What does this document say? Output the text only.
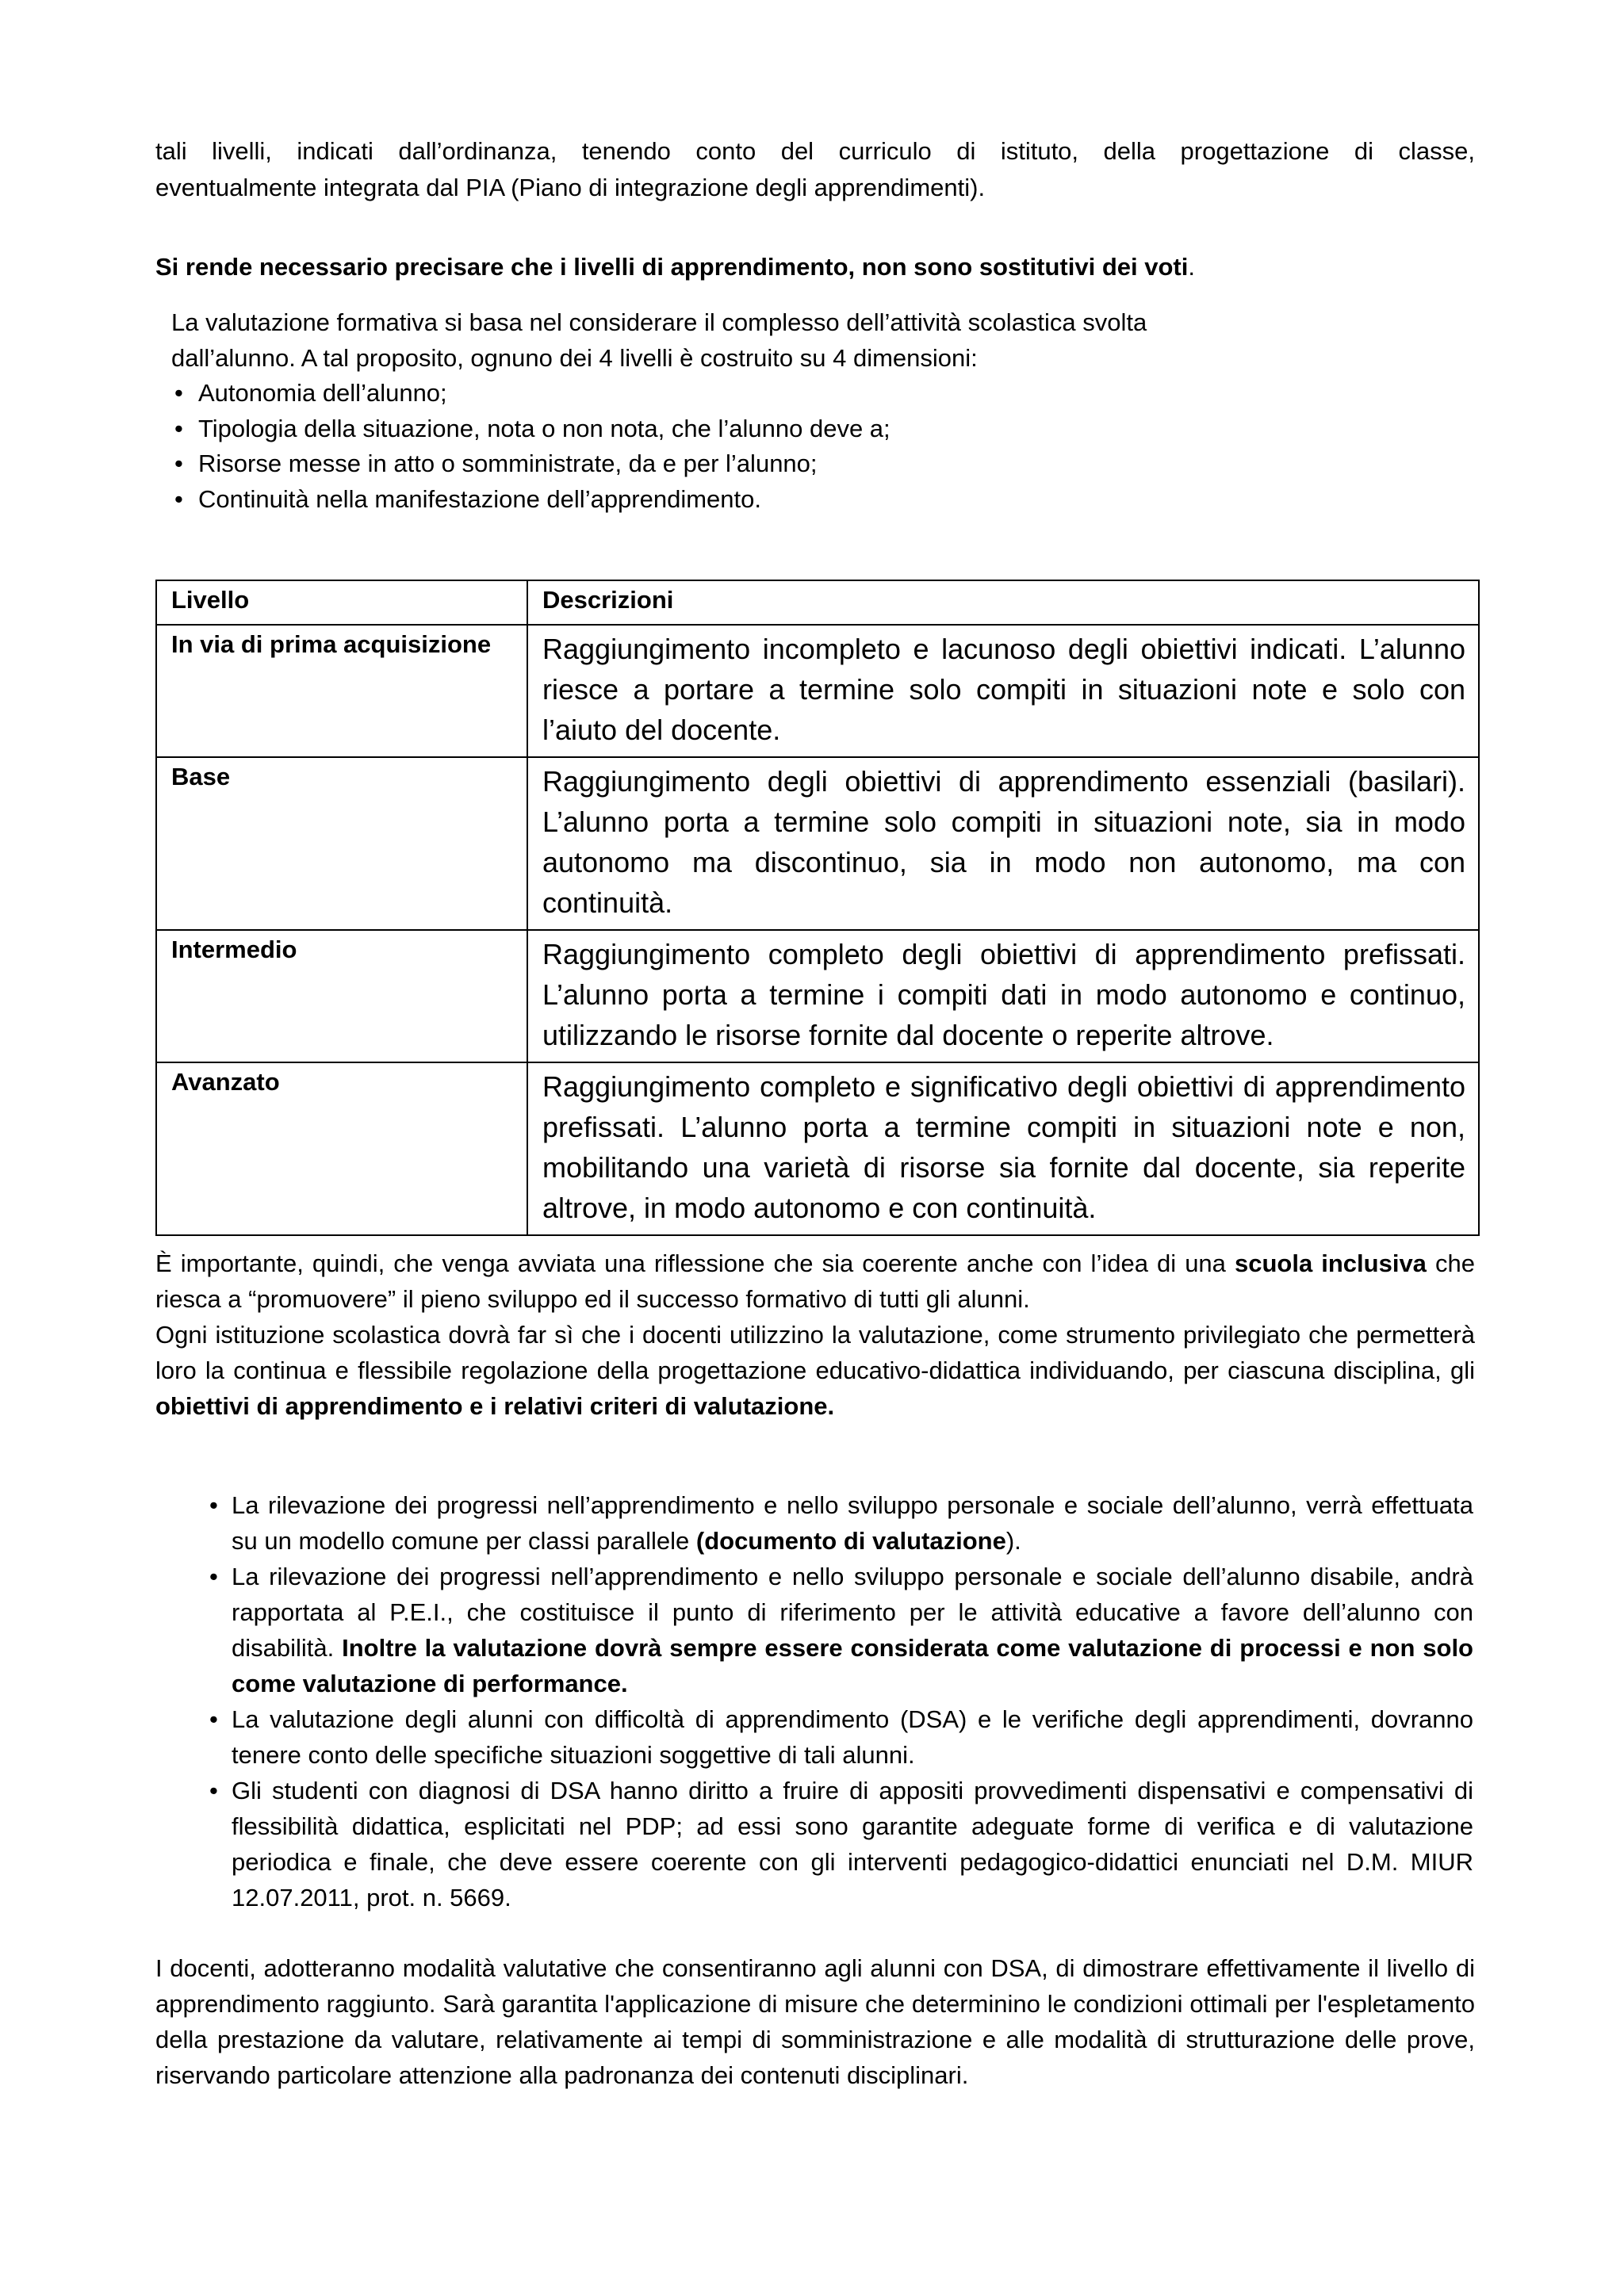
tali livelli, indicati dall’ordinanza, tenendo conto del curriculo di istituto, della progettazione di classe,

eventualmente integrata dal PIA (Piano di integrazione degli apprendimenti).

Si rende necessario precisare che i livelli di apprendimento, non sono sostitutivi dei voti.

La valutazione formativa si basa nel considerare il complesso dell’attività scolastica svolta

dall’alunno. A tal proposito, ognuno dei 4 livelli è costruito su 4 dimensioni:

• Autonomia dell’alunno;
• Tipologia della situazione, nota o non nota, che l’alunno deve a;
• Risorse messe in atto o somministrate, da e per l’alunno;
• Continuità nella manifestazione dell’apprendimento.
Livello	Descrizioni
In via di prima acquisizione	Raggiungimento incompleto e lacunoso degli obiettivi indicati. L’alunno riesce a portare a termine solo compiti in situazioni note e solo con l’aiuto del docente.
Base	Raggiungimento degli obiettivi di apprendimento essenziali (basilari). L’alunno porta a termine solo compiti in situazioni note, sia in modo autonomo ma discontinuo, sia in modo non autonomo, ma con continuità.
Intermedio	Raggiungimento completo degli obiettivi di apprendimento prefissati. L’alunno porta a termine i compiti dati in modo autonomo e continuo, utilizzando le risorse fornite dal docente o reperite altrove.
Avanzato	Raggiungimento completo e significativo degli obiettivi di apprendimento prefissati. L’alunno porta a termine compiti in situazioni note e non, mobilitando una varietà di risorse sia fornite dal docente, sia reperite altrove, in modo autonomo e con continuità.

È importante, quindi, che venga avviata una riflessione che sia coerente anche con l’idea di una scuola inclusiva che riesca a “promuovere” il pieno sviluppo ed il successo formativo di tutti gli alunni.

Ogni istituzione scolastica dovrà far sì che i docenti utilizzino la valutazione, come strumento privilegiato che permetterà loro la continua e flessibile regolazione della progettazione educativo-didattica individuando, per ciascuna disciplina, gli obiettivi di apprendimento e i relativi criteri di valutazione.

• La rilevazione dei progressi nell’apprendimento e nello sviluppo personale e sociale dell’alunno, verrà effettuata su un modello comune per classi parallele (documento di valutazione).
• La rilevazione dei progressi nell’apprendimento e nello sviluppo personale e sociale dell’alunno disabile, andrà rapportata al P.E.I., che costituisce il punto di riferimento per le attività educative a favore dell’alunno con disabilità. Inoltre la valutazione dovrà sempre essere considerata come valutazione di processi e non solo come valutazione di performance.
• La valutazione degli alunni con difficoltà di apprendimento (DSA) e le verifiche degli apprendimenti, dovranno tenere conto delle specifiche situazioni soggettive di tali alunni.
• Gli studenti con diagnosi di DSA hanno diritto a fruire di appositi provvedimenti dispensativi e compensativi di flessibilità didattica, esplicitati nel PDP; ad essi sono garantite adeguate forme di verifica e di valutazione periodica e finale, che deve essere coerente con gli interventi pedagogico-didattici enunciati nel D.M. MIUR 12.07.2011, prot. n. 5669.

I docenti, adotteranno modalità valutative che consentiranno agli alunni con DSA, di dimostrare effettivamente il livello di apprendimento raggiunto. Sarà garantita l'applicazione di misure che determinino le condizioni ottimali per l'espletamento della prestazione da valutare, relativamente ai tempi di somministrazione e alle modalità di strutturazione delle prove, riservando particolare attenzione alla padronanza dei contenuti disciplinari.
